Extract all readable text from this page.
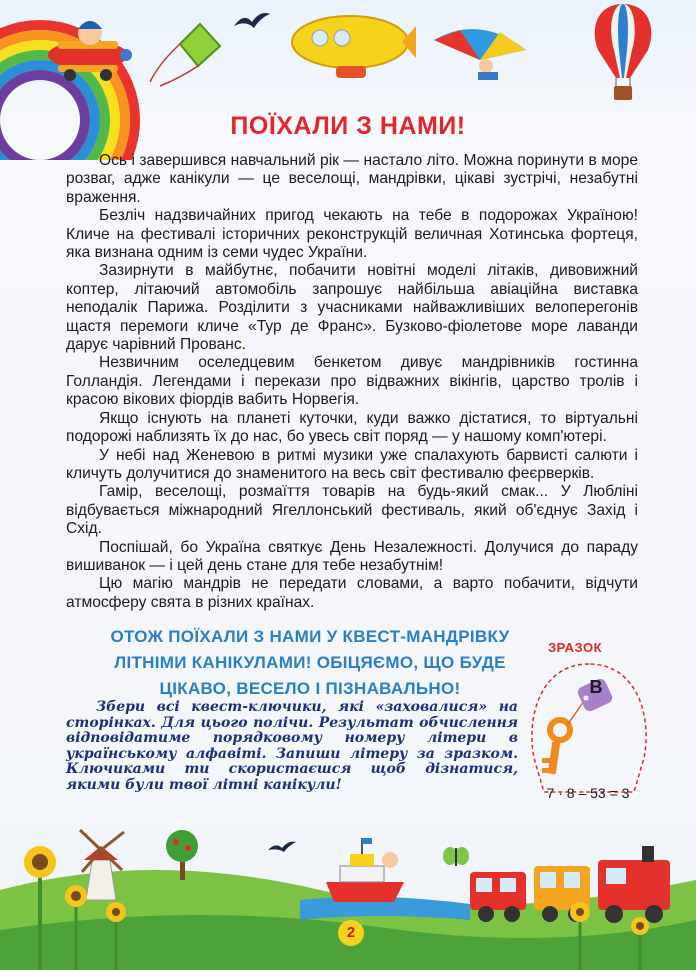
ПОЇХАЛИ З НАМИ!

Ось і завершився навчальний рік — настало літо. Можна поринути в море розваг, адже канікули — це веселощі, мандрівки, цікаві зустрічі, незабутні враження.

Безліч надзвичайних пригод чекають на тебе в подорожах Україною! Кличе на фестивалі історичних реконструкцій величная Хотинська фортеця, яка визнана одним із семи чудес України.

Зазирнути в майбутнє, побачити новітні моделі літаків, дивовижний коптер, літаючий автомобіль запрошує найбільша авіаційна виставка неподалік Парижа. Розділити з учасниками найважливіших велоперегонів щастя перемоги кличе «Тур де Франс». Бузково-фіолетове море лаванди дарує чарівний Прованс.

Незвичним оселедцевим бенкетом дивує мандрівників гостинна Голландія. Легендами і перекази про відважних вікінгів, царство тролів і красою вікових фіордів вабить Норвегія.

Якщо існують на планеті куточки, куди важко дістатися, то віртуальні подорожі наблизять їх до нас, бо увесь світ поряд — у нашому комп'ютері.

У небі над Женевою в ритмі музики уже спалахують барвисті салюти і кличуть долучитися до знаменитого на весь світ фестивалю феєрверків.

Гамір, веселощі, розмаїття товарів на будь-який смак... У Любліні відбувається міжнародний Ягеллонський фестиваль, який об'єднує Захід і Схід.

Поспішай, бо Україна святкує День Незалежності. Долучися до параду вишиванок — і цей день стане для тебе незабутнім!

Цю магію мандрів не передати словами, а варто побачити, відчути атмосферу свята в різних країнах.

ОТОЖ ПОЇХАЛИ З НАМИ У КВЕСТ-МАНДРІВКУ
ЛІТНІМИ КАНІКУЛАМИ! ОБІЦЯЄМО, ЩО БУДЕ
ЦІКАВО, ВЕСЕЛО І ПІЗНАВАЛЬНО!
ЗРАЗОК
В
7 · 8 – 53 = 3

Збери всі квест-ключики, які «заховалися» на сторінках. Для цього полічи. Результат обчислення відповідатиме порядковому номеру літери в українському алфавіті. Запиши літеру за зразком. Ключиками ти скористаєшся щоб дізнатися, якими були твої літні канікули!

2
